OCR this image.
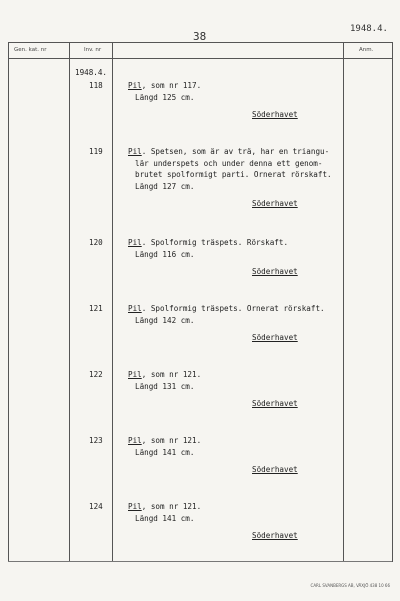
38
1948.4.
Gen. kat. nr	Inv. nr	Anm.
1948.4.
118	Pil, som nr 117.
Längd 125 cm.
Söderhavet
119	Pil. Spetsen, som är av trä, har en triangu-
lär underspets och under denna ett genom-
brutet spolformigt parti. Ornerat rörskaft.
Längd 127 cm.
Söderhavet
120	Pil. Spolformig träspets. Rörskaft.
Längd 116 cm.
Söderhavet
121	Pil. Spolformig träspets. Ornerat rörskaft.
Längd 142 cm.
Söderhavet
122	Pil, som nr 121.
Längd 131 cm.
Söderhavet
123	Pil, som nr 121.
Längd 141 cm.
Söderhavet
124	Pil, som nr 121.
Längd 141 cm.
Söderhavet
CARL SVANBERGS AB, VÄXJÖ 438 10 66
